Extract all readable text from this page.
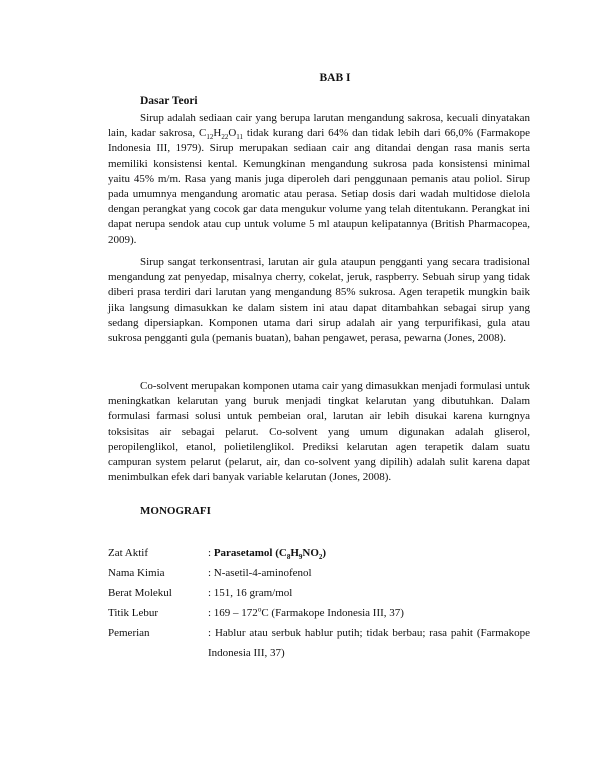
BAB I
Dasar Teori

Sirup adalah sediaan cair yang berupa larutan mengandung sakrosa, kecuali dinyatakan lain, kadar sakrosa, $C_{12}H_{22}O_{11}$ tidak kurang dari 64% dan tidak lebih dari 66,0% (Farmakope Indonesia III, 1979). Sirup merupakan sediaan cair ang ditandai dengan rasa manis serta memiliki konsistensi kental. Kemungkinan mengandung sukrosa pada konsistensi minimal yaitu 45% m/m. Rasa yang manis juga diperoleh dari penggunaan pemanis atau poliol. Sirup pada umumnya mengandung aromatic atau perasa. Setiap dosis dari wadah multidose dielola dengan perangkat yang cocok gar data mengukur volume yang telah ditentukann. Perangkat ini dapat nerupa sendok atau cup untuk volume 5 ml ataupun kelipatannya (British Pharmacopea, 2009).

Sirup sangat terkonsentrasi, larutan air gula ataupun pengganti yang secara tradisional mengandung zat penyedap, misalnya cherry, cokelat, jeruk, raspberry. Sebuah sirup yang tidak diberi prasa terdiri dari larutan yang mengandung 85% sukrosa. Agen terapetik mungkin baik jika langsung dimasukkan ke dalam sistem ini atau dapat ditambahkan sebagai sirup yang sedang dipersiapkan. Komponen utama dari sirup adalah air yang terpurifikasi, gula atau sukrosa pengganti gula (pemanis buatan), bahan pengawet, perasa, pewarna (Jones, 2008).

Co-solvent merupakan komponen utama cair yang dimasukkan menjadi formulasi untuk meningkatkan kelarutan yang buruk menjadi tingkat kelarutan yang dibutuhkan. Dalam formulasi farmasi solusi untuk pembeian oral, larutan air lebih disukai karena kurngnya toksisitas air sebagai pelarut. Co-solvent yang umum digunakan adalah gliserol, peropilenglikol, etanol, polietilenglikol. Prediksi kelarutan agen terapetik dalam suatu campuran system pelarut (pelarut, air, dan co-solvent yang dipilih) adalah sulit karena dapat menimbulkan efek dari banyak variable kelarutan (Jones, 2008).

MONOGRAFI
Zat Aktif	: Parasetamol $(C_8H_9NO_2)$
Nama Kimia	: N-asetil-4-aminofenol
Berat Molekul	: 151, 16 gram/mol
Titik Lebur	: 169 – 172$^o$C (Farmakope Indonesia III, 37)
Pemerian	: Hablur atau serbuk hablur putih; tidak berbau; rasa pahit (Farmakope Indonesia III, 37)
